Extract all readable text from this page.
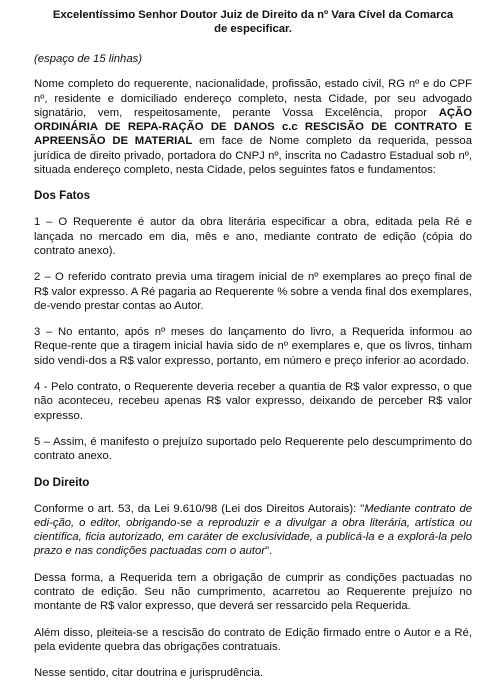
Excelentíssimo Senhor Doutor Juiz de Direito da nº Vara Cível da Comarca
de especificar.

(espaço de 15 linhas)

Nome completo do requerente, nacionalidade, profissão, estado civil, RG nº e do CPF nº, residente e domiciliado endereço completo, nesta Cidade, por seu advogado signatário, vem, respeitosamente, perante Vossa Excelência, propor AÇÃO ORDINÁRIA DE REPA-RAÇÃO DE DANOS c.c RESCISÃO DE CONTRATO E APREENSÃO DE MATERIAL em face de Nome completo da requerida, pessoa jurídica de direito privado, portadora do CNPJ nº, inscrita no Cadastro Estadual sob nº, situada endereço completo, nesta Cidade, pelos seguintes fatos e fundamentos:

Dos Fatos

1 – O Requerente é autor da obra literária especificar a obra, editada pela Ré e lançada no mercado em dia, mês e ano, mediante contrato de edição (cópia do contrato anexo).

2 – O referido contrato previa uma tiragem inicial de nº exemplares ao preço final de R$ valor expresso. A Ré pagaria ao Requerente % sobre a venda final dos exemplares, de-vendo prestar contas ao Autor.

3 – No entanto, após nº meses do lançamento do livro, a Requerida informou ao Reque-rente que a tiragem inicial havia sido de nº exemplares e, que os livros, tinham sido vendi-dos a R$ valor expresso, portanto, em número e preço inferior ao acordado.

4 - Pelo contrato, o Requerente deveria receber a quantia de R$ valor expresso, o que não aconteceu, recebeu apenas R$ valor expresso, deixando de perceber R$ valor expresso.

5 – Assim, é manifesto o prejuízo suportado pelo Requerente pelo descumprimento do contrato anexo.

Do Direito

Conforme o art. 53, da Lei 9.610/98 (Lei dos Direitos Autorais): "Mediante contrato de edi-ção, o editor, obrigando-se a reproduzir e a divulgar a obra literária, artística ou científica, ficia autorizado, em caráter de exclusividade, a publicá-la e a explorá-la pelo prazo e nas condições pactuadas com o autor".

Dessa forma, a Requerida tem a obrigação de cumprir as condições pactuadas no contrato de edição. Seu não cumprimento, acarretou ao Requerente prejuízo no montante de R$ valor expresso, que deverá ser ressarcido pela Requerida.

Além disso, pleiteia-se a rescisão do contrato de Edição firmado entre o Autor e a Ré, pela evidente quebra das obrigações contratuais.

Nesse sentido, citar doutrina e jurisprudência.
